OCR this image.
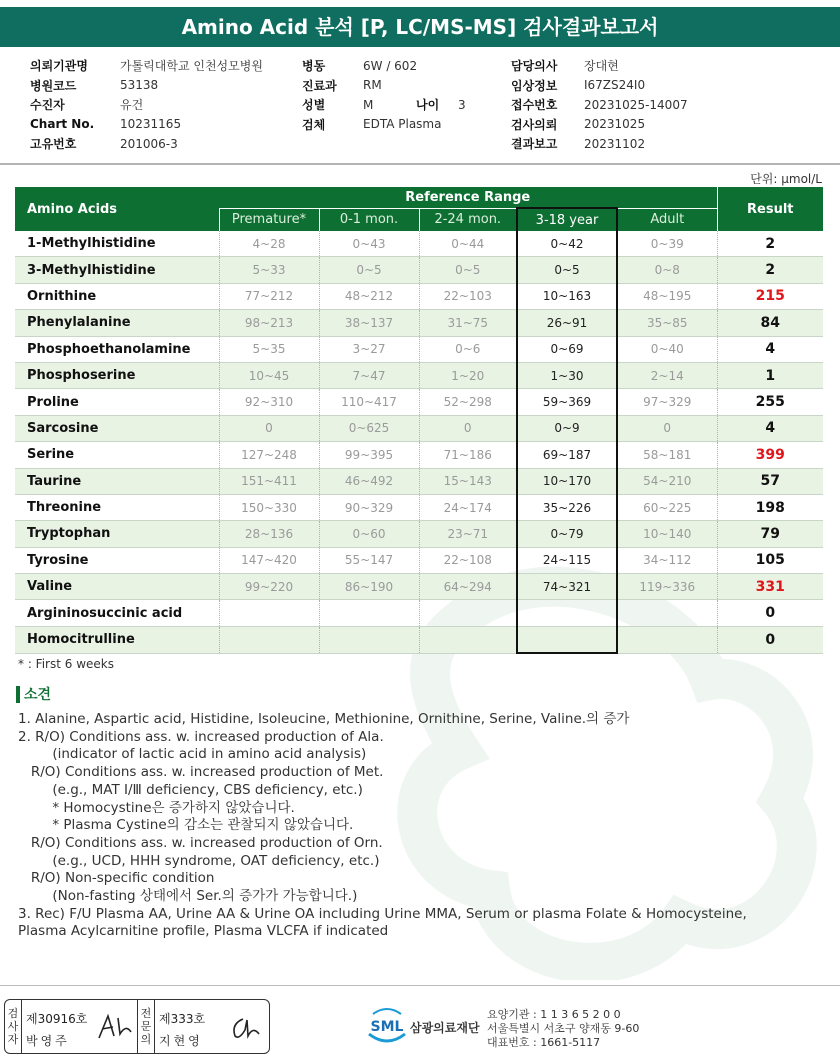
Amino Acid 분석 [P, LC/MS-MS] 검사결과보고서
의뢰기관명	가톨릭대학교 인천성모병원
병원코드	53138
수진자	유건
Chart No.	10231165
고유번호	201006-3
병동	6W / 602
진료과	RM
성별	M	나이	3
검체	EDTA Plasma
담당의사	장대현
임상정보	I67ZS24I0
접수번호	20231025-14007
검사의뢰	20231025
결과보고	20231102
단위: μmol/L
Amino Acids	Reference Range					Result
	Premature*	0-1 mon.	2-24 mon.	3-18 year	Adult	
1-Methylhistidine	4~28	0~43	0~44	0~42	0~39	2
3-Methylhistidine	5~33	0~5	0~5	0~5	0~8	2
Ornithine	77~212	48~212	22~103	10~163	48~195	215
Phenylalanine	98~213	38~137	31~75	26~91	35~85	84
Phosphoethanolamine	5~35	3~27	0~6	0~69	0~40	4
Phosphoserine	10~45	7~47	1~20	1~30	2~14	1
Proline	92~310	110~417	52~298	59~369	97~329	255
Sarcosine	0	0~625	0	0~9	0	4
Serine	127~248	99~395	71~186	69~187	58~181	399
Taurine	151~411	46~492	15~143	10~170	54~210	57
Threonine	150~330	90~329	24~174	35~226	60~225	198
Tryptophan	28~136	0~60	23~71	0~79	10~140	79
Tyrosine	147~420	55~147	22~108	24~115	34~112	105
Valine	99~220	86~190	64~294	74~321	119~336	331
Argininosuccinic acid						0
Homocitrulline						0
* : First 6 weeks
소견
1. Alanine, Aspartic acid, Histidine, Isoleucine, Methionine, Ornithine, Serine, Valine.의 증가
2. R/O) Conditions ass. w. increased production of Ala.
(indicator of lactic acid in amino acid analysis)
R/O) Conditions ass. w. increased production of Met.
(e.g., MAT Ⅰ/Ⅲ deficiency, CBS deficiency, etc.)
* Homocystine은 증가하지 않았습니다.
* Plasma Cystine의 감소는 관찰되지 않았습니다.
R/O) Conditions ass. w. increased production of Orn.
(e.g., UCD, HHH syndrome, OAT deficiency, etc.)
R/O) Non-specific condition
(Non-fasting 상태에서 Ser.의 증가가 가능합니다.)
3. Rec) F/U Plasma AA, Urine AA & Urine OA including Urine MMA, Serum or plasma Folate & Homocysteine,
Plasma Acylcarnitine profile, Plasma VLCFA if indicated
검
사
자
제30916호
박영주
전
문
의
제333호
지현영
SML 삼광의료재단
요양기관 : 1 1 3 6 5 2 0 0
서울특별시 서초구 양재동 9-60
대표번호 : 1661-5117
